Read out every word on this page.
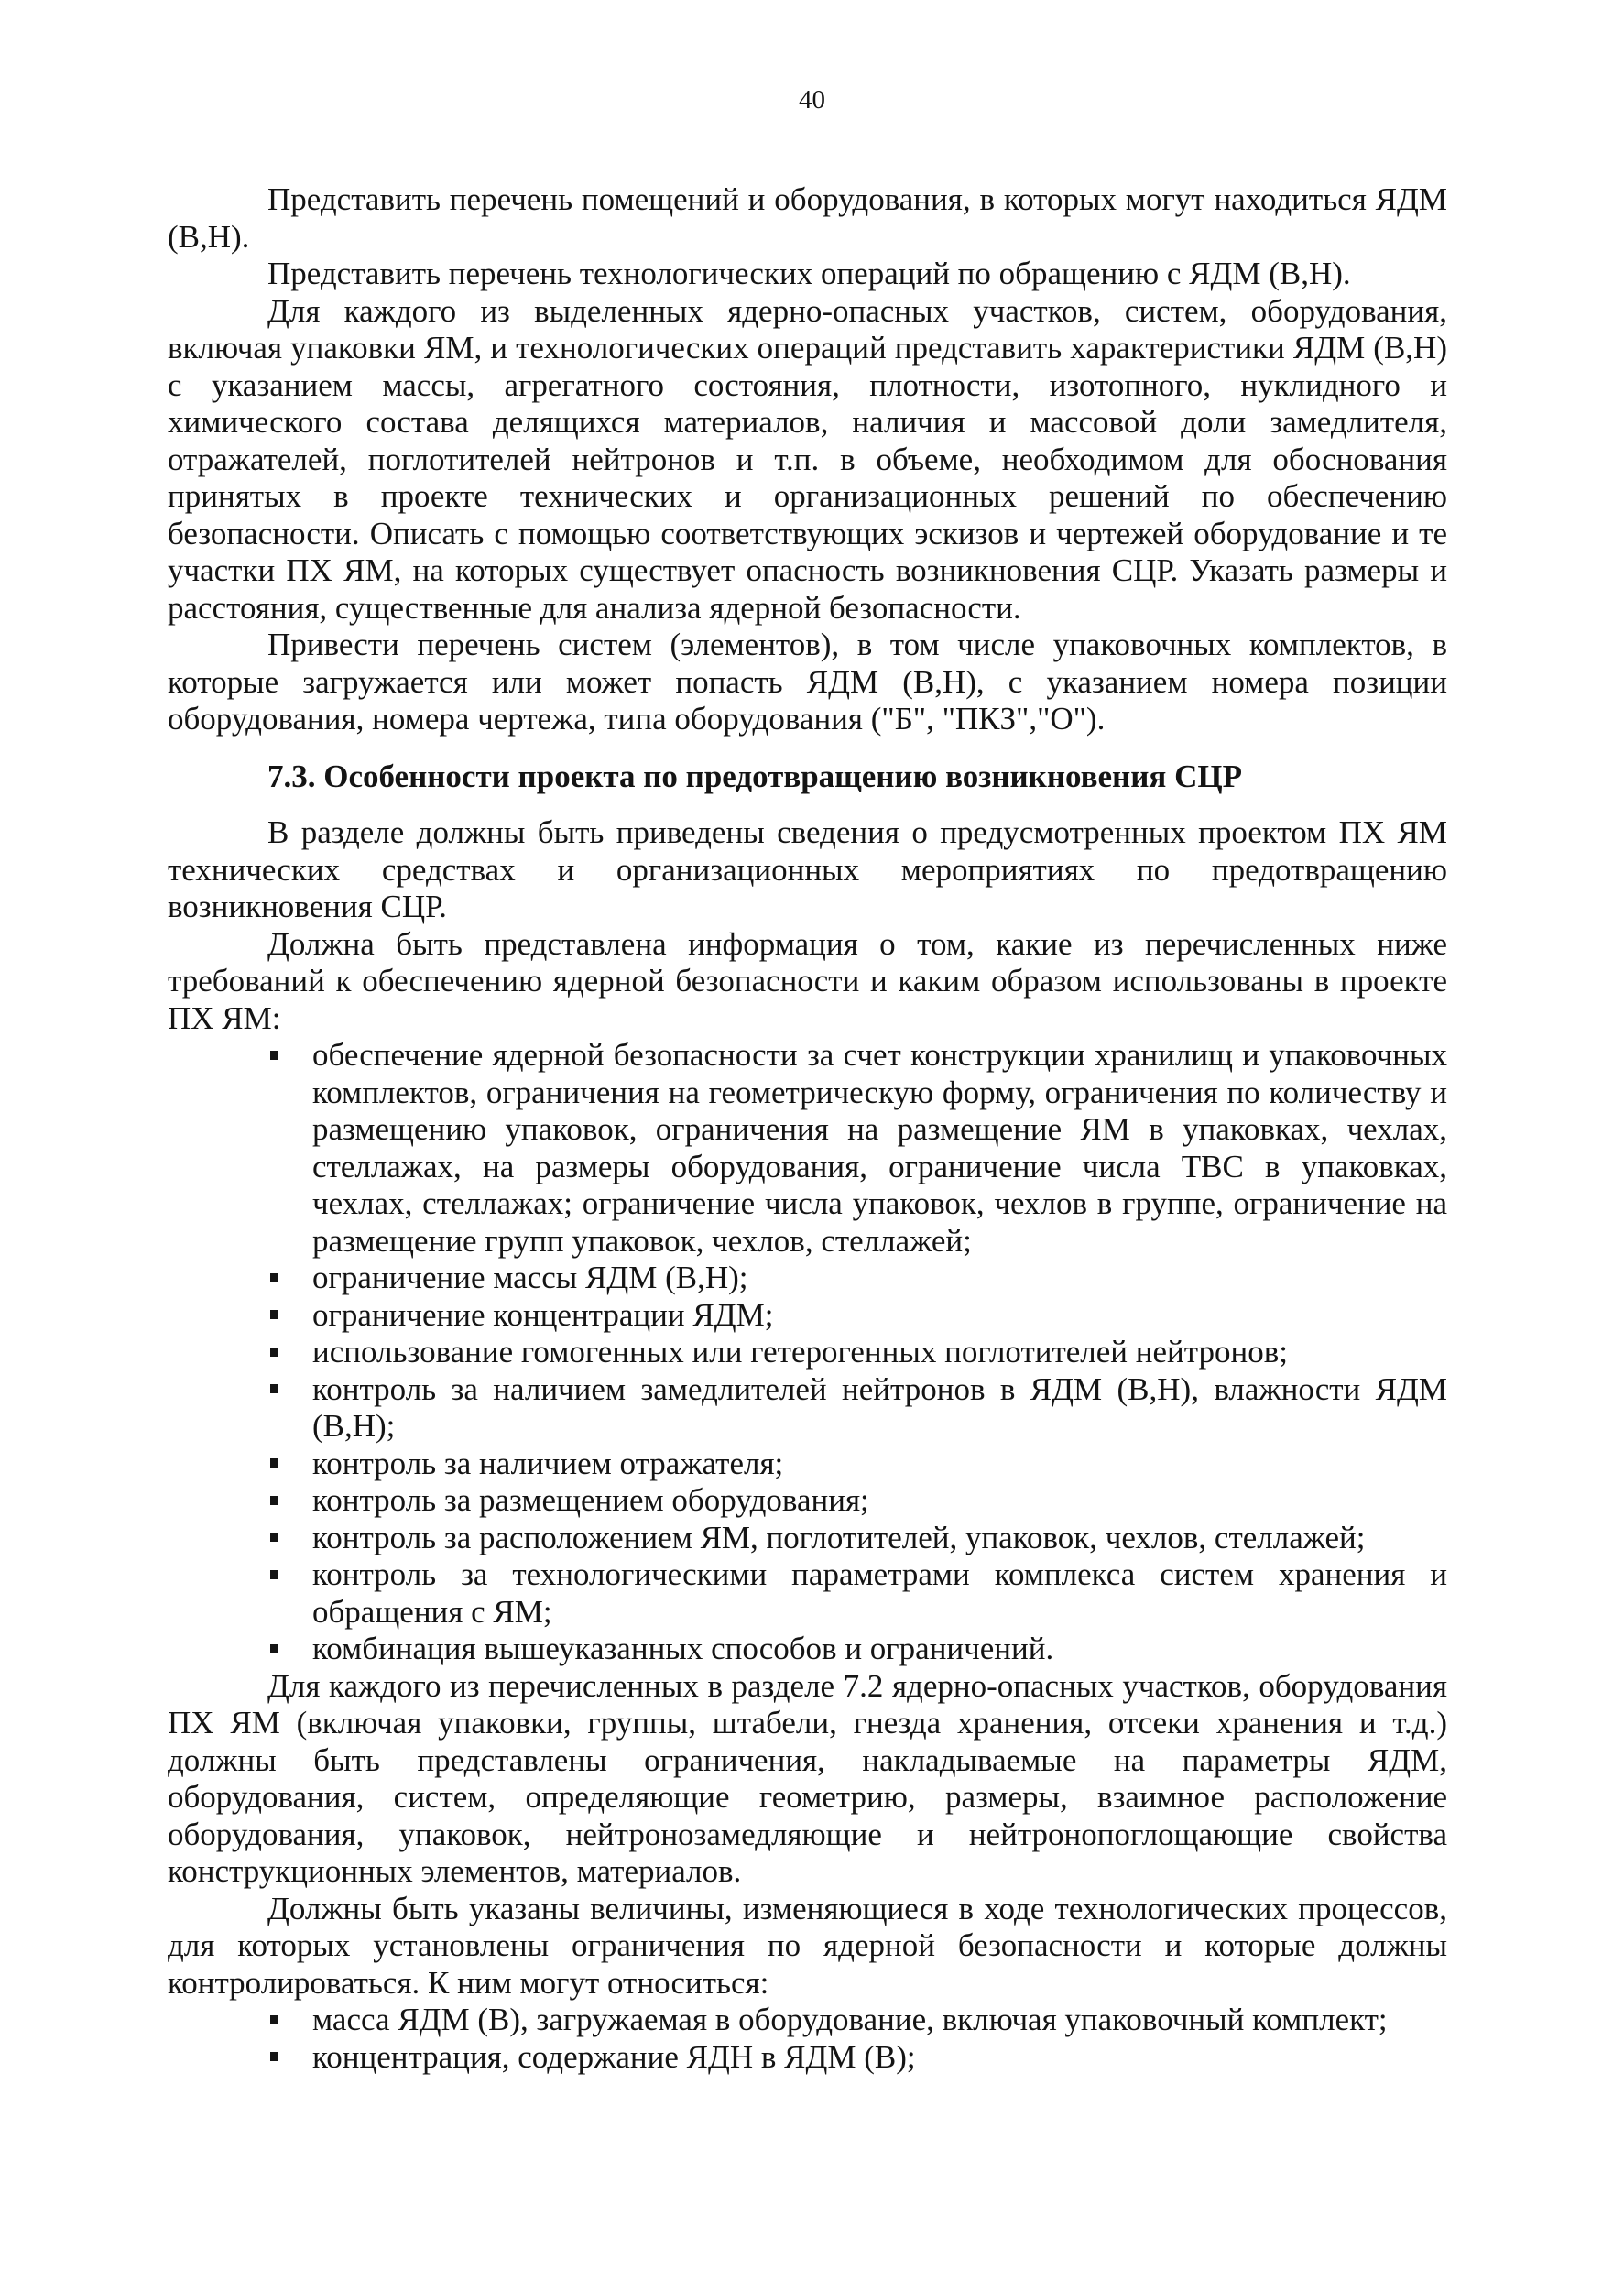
40

Представить перечень помещений и оборудования, в которых могут находиться ЯДМ (В,Н).

Представить перечень технологических операций по обращению с ЯДМ (В,Н).

Для каждого из выделенных ядерно-опасных участков, систем, оборудования, включая упаковки ЯМ, и технологических операций представить характеристики ЯДМ (В,Н) с указанием массы, агрегатного состояния, плотности, изотопного, нуклидного и химического состава делящихся материалов, наличия и массовой доли замедлителя, отражателей, поглотителей нейтронов и т.п. в объеме, необходимом для обоснования принятых в проекте технических и организационных решений по обеспечению безопасности. Описать с помощью соответствующих эскизов и чертежей оборудование и те участки ПХ ЯМ, на которых существует опасность возникновения СЦР. Указать размеры и расстояния, существенные для анализа ядерной безопасности.

Привести перечень систем (элементов), в том числе упаковочных комплектов, в которые загружается или может попасть ЯДМ (В,Н), с указанием номера позиции оборудования, номера чертежа, типа оборудования ("Б", "ПКЗ","О").

7.3. Особенности проекта по предотвращению возникновения СЦР

В разделе должны быть приведены сведения о предусмотренных проектом ПХ ЯМ технических средствах и организационных мероприятиях по предотвращению возникновения СЦР.

Должна быть представлена информация о том, какие из перечисленных ниже требований к обеспечению ядерной безопасности и каким образом использованы в проекте ПХ ЯМ:

обеспечение ядерной безопасности за счет конструкции хранилищ и упаковочных комплектов, ограничения на геометрическую форму, ограничения по количеству и размещению упаковок, ограничения на размещение ЯМ в упаковках, чехлах, стеллажах, на размеры оборудования, ограничение числа ТВС в упаковках, чехлах, стеллажах; ограничение числа упаковок, чехлов в группе, ограничение на размещение групп упаковок, чехлов, стеллажей;
ограничение массы ЯДМ (В,Н);
ограничение концентрации ЯДМ;
использование гомогенных или гетерогенных поглотителей нейтронов;
контроль за наличием замедлителей нейтронов в ЯДМ (В,Н), влажности ЯДМ (В,Н);
контроль за наличием отражателя;
контроль за размещением оборудования;
контроль за расположением ЯМ, поглотителей, упаковок, чехлов, стеллажей;
контроль за технологическими параметрами комплекса систем хранения и обращения с ЯМ;
комбинация вышеуказанных способов и ограничений.

Для каждого из перечисленных в разделе 7.2 ядерно-опасных участков, оборудования ПХ ЯМ (включая упаковки, группы, штабели, гнезда хранения, отсеки хранения и т.д.) должны быть представлены ограничения, накладываемые на параметры ЯДМ, оборудования, систем, определяющие геометрию, размеры, взаимное расположение оборудования, упаковок, нейтронозамедляющие и нейтронопоглощающие свойства конструкционных элементов, материалов.

Должны быть указаны величины, изменяющиеся в ходе технологических процессов, для которых установлены ограничения по ядерной безопасности и которые должны контролироваться. К ним могут относиться:

масса ЯДМ (В), загружаемая в оборудование, включая упаковочный комплект;
концентрация, содержание ЯДН в ЯДМ (В);
